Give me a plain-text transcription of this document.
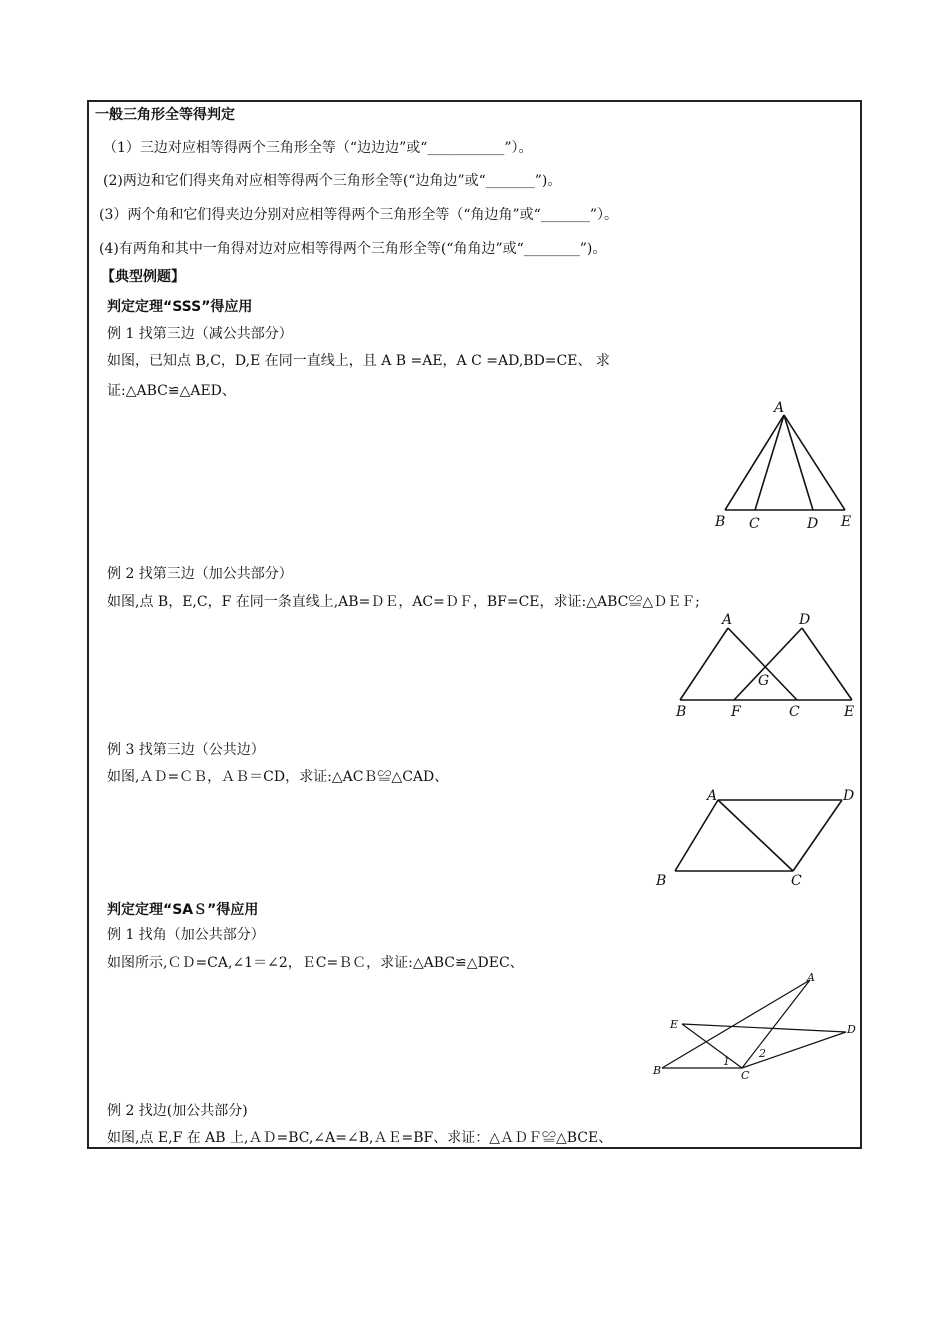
一般三角形全等得判定
（1）三边对应相等得两个三角形全等（“边边边”或“___________”）。
(2)两边和它们得夹角对应相等得两个三角形全等(“边角边”或“_______”)。
(3）两个角和它们得夹边分别对应相等得两个三角形全等（“角边角”或“_______”）。
(4)有两角和其中一角得对边对应相等得两个三角形全等(“角角边”或“________”)。
【典型例题】
判定定理“SSS”得应用
例 1 找第三边（减公共部分）
如图，已知点 B,C，D,E 在同一直线上，且 A B =AE，A C =AD,BD=CE、 求
证:△ABC≌△AED、
A
B C	D E
例 2 找第三边（加公共部分）
如图,点 B，E,C，F 在同一条直线上,AB=ＤＥ，AC=ＤＦ，BF=CE，求证:△ABC≌△ＤＥＦ;
A	D
G
B	F	C	E
例 3 找第三边（公共边）
如图,ＡＤ=ＣＢ，ＡＢ＝CD，求证:△ACＢ≌△CAD、
A	D
B	C
判定定理“SAＳ”得应用
例 1 找角（加公共部分）
如图所示,ＣＤ=CA,∠1＝∠2，ＥC=ＢＣ，求证:△ABC≌△DEC、
A
E	D
B	C
1
2
例 2 找边(加公共部分)
如图,点 E,F 在 AB 上,ＡＤ=BC,∠A=∠B,ＡＥ=BF、求证：△ＡＤＦ≌△BCE、
